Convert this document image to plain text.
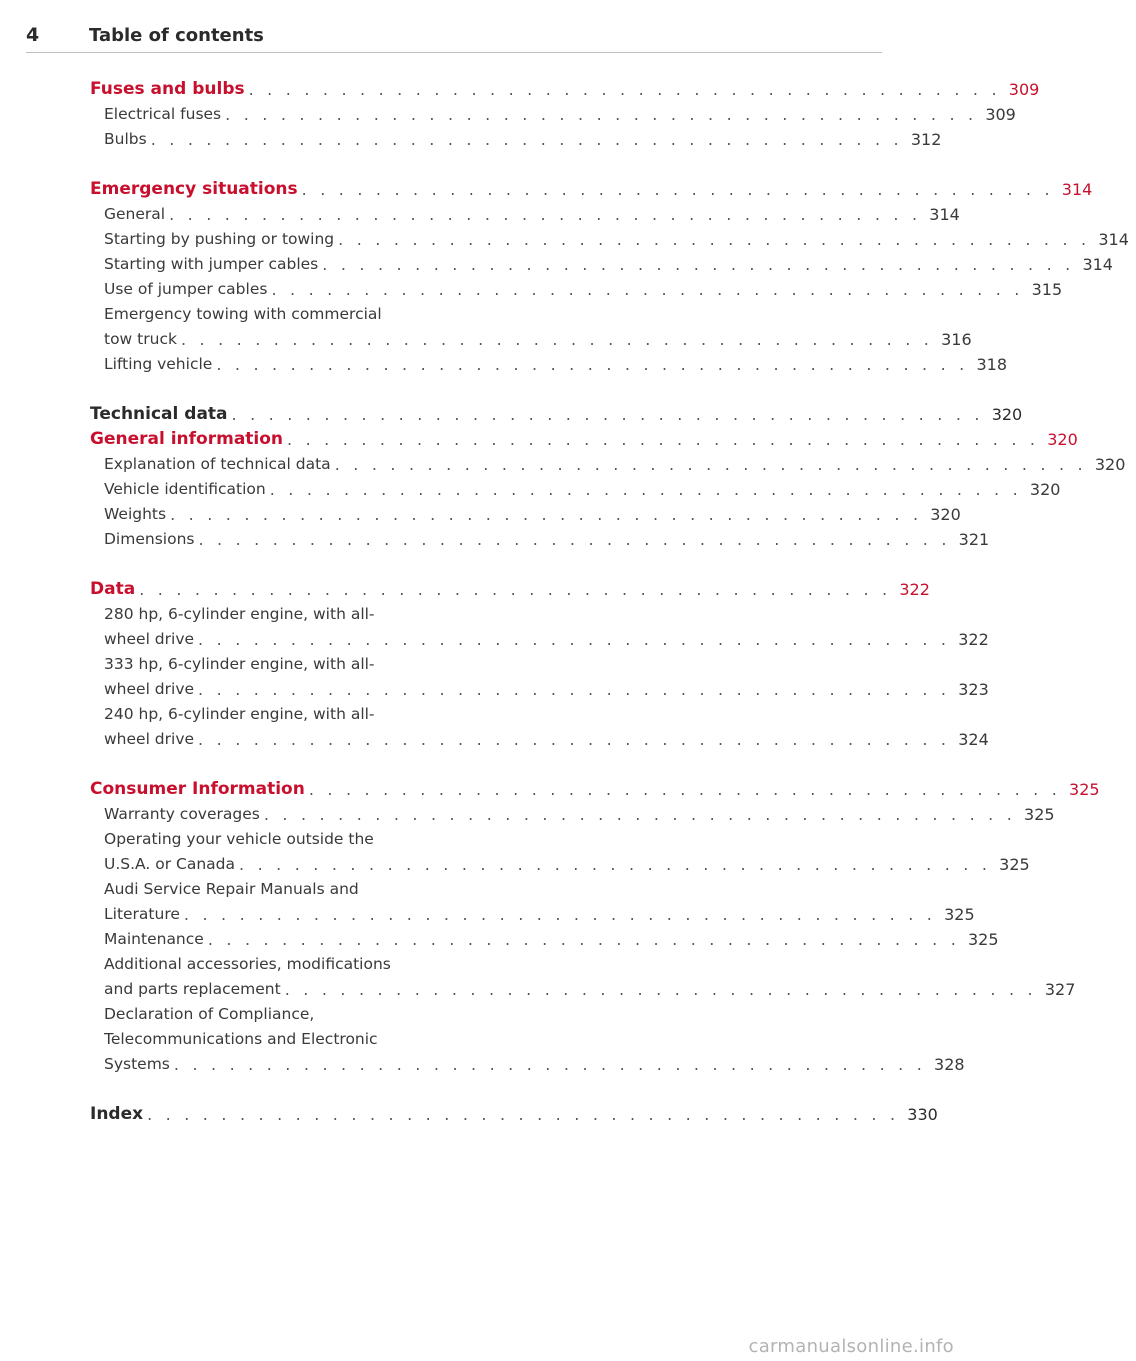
4	Table of contents
Fuses and bulbs . . . . . . . . . . . . . . . . . . . . . . . . . . . . . . . . . . . . . . . . . 309
Electrical fuses . . . . . . . . . . . . . . . . . . . . . . . . . . . . . . . . . . . . . . . . . 309
Bulbs . . . . . . . . . . . . . . . . . . . . . . . . . . . . . . . . . . . . . . . . . 312
Emergency situations . . . . . . . . . . . . . . . . . . . . . . . . . . . . . . . . . . . . . . . . . 314
General . . . . . . . . . . . . . . . . . . . . . . . . . . . . . . . . . . . . . . . . . 314
Starting by pushing or towing . . . . . . . . . . . . . . . . . . . . . . . . . . . . . . . . . . . . . . . . . 314
Starting with jumper cables . . . . . . . . . . . . . . . . . . . . . . . . . . . . . . . . . . . . . . . . . 314
Use of jumper cables . . . . . . . . . . . . . . . . . . . . . . . . . . . . . . . . . . . . . . . . . 315
Emergency towing with commercial
tow truck . . . . . . . . . . . . . . . . . . . . . . . . . . . . . . . . . . . . . . . . . 316
Lifting vehicle . . . . . . . . . . . . . . . . . . . . . . . . . . . . . . . . . . . . . . . . . 318
Technical data . . . . . . . . . . . . . . . . . . . . . . . . . . . . . . . . . . . . . . . . . 320
General information . . . . . . . . . . . . . . . . . . . . . . . . . . . . . . . . . . . . . . . . . 320
Explanation of technical data . . . . . . . . . . . . . . . . . . . . . . . . . . . . . . . . . . . . . . . . . 320
Vehicle identification . . . . . . . . . . . . . . . . . . . . . . . . . . . . . . . . . . . . . . . . . 320
Weights . . . . . . . . . . . . . . . . . . . . . . . . . . . . . . . . . . . . . . . . . 320
Dimensions . . . . . . . . . . . . . . . . . . . . . . . . . . . . . . . . . . . . . . . . . 321
Data . . . . . . . . . . . . . . . . . . . . . . . . . . . . . . . . . . . . . . . . . 322
280 hp, 6-cylinder engine, with all-
wheel drive . . . . . . . . . . . . . . . . . . . . . . . . . . . . . . . . . . . . . . . . . 322
333 hp, 6-cylinder engine, with all-
wheel drive . . . . . . . . . . . . . . . . . . . . . . . . . . . . . . . . . . . . . . . . . 323
240 hp, 6-cylinder engine, with all-
wheel drive . . . . . . . . . . . . . . . . . . . . . . . . . . . . . . . . . . . . . . . . . 324
Consumer Information . . . . . . . . . . . . . . . . . . . . . . . . . . . . . . . . . . . . . . . . . 325
Warranty coverages . . . . . . . . . . . . . . . . . . . . . . . . . . . . . . . . . . . . . . . . . 325
Operating your vehicle outside the
U.S.A. or Canada . . . . . . . . . . . . . . . . . . . . . . . . . . . . . . . . . . . . . . . . . 325
Audi Service Repair Manuals and
Literature . . . . . . . . . . . . . . . . . . . . . . . . . . . . . . . . . . . . . . . . . 325
Maintenance . . . . . . . . . . . . . . . . . . . . . . . . . . . . . . . . . . . . . . . . . 325
Additional accessories, modifications
and parts replacement . . . . . . . . . . . . . . . . . . . . . . . . . . . . . . . . . . . . . . . . . 327
Declaration of Compliance,
Telecommunications and Electronic
Systems . . . . . . . . . . . . . . . . . . . . . . . . . . . . . . . . . . . . . . . . . 328
Index . . . . . . . . . . . . . . . . . . . . . . . . . . . . . . . . . . . . . . . . . 330
carmanualsonline.info
